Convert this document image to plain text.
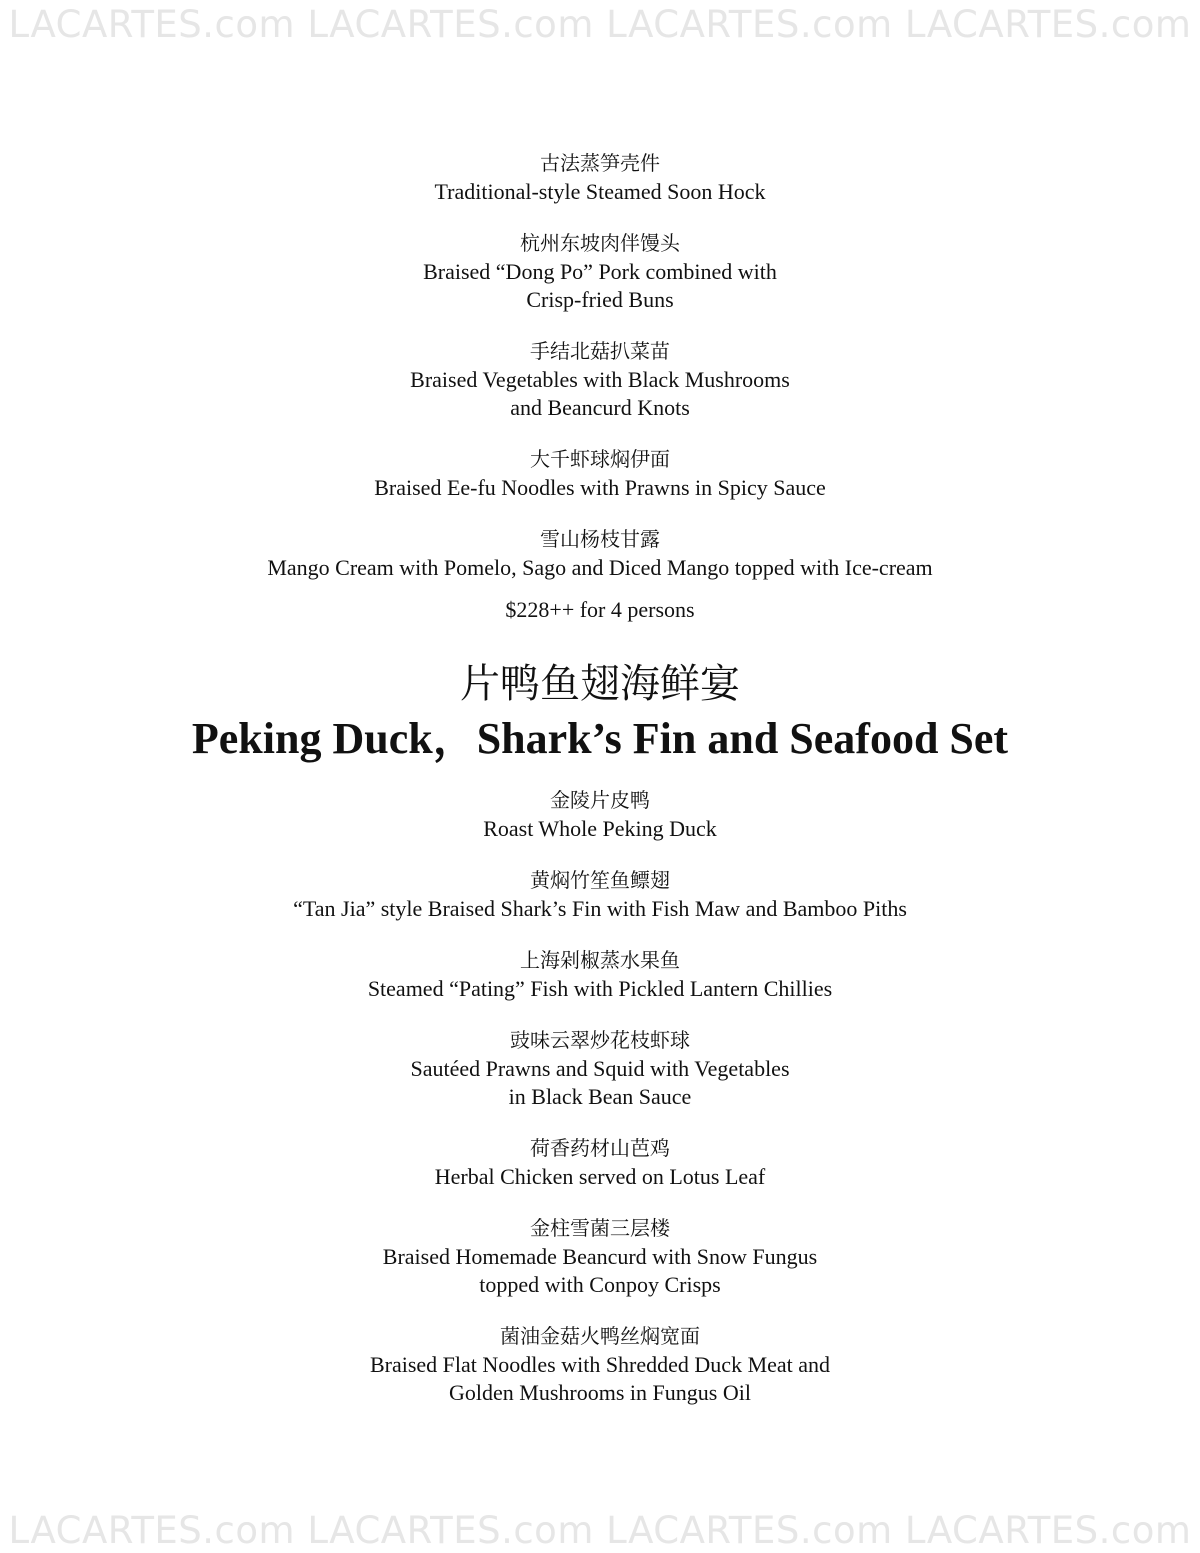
LACARTES.com LACARTES.com LACARTES.com LACARTES.com
古法蒸笋壳件
Traditional-style Steamed Soon Hock
杭州东坡肉伴馒头
Braised “Dong Po” Pork combined with
Crisp-fried Buns
手结北菇扒菜苗
Braised Vegetables with Black Mushrooms
and Beancurd Knots
大千虾球焖伊面
Braised Ee-fu Noodles with Prawns in Spicy Sauce
雪山杨枝甘露
Mango Cream with Pomelo, Sago and Diced Mango topped with Ice-cream
$228++ for 4 persons
片鸭鱼翅海鲜宴
Peking Duck，Shark’s Fin and Seafood Set
金陵片皮鸭
Roast Whole Peking Duck
黄焖竹笙鱼鳔翅
“Tan Jia” style Braised Shark’s Fin with Fish Maw and Bamboo Piths
上海剁椒蒸水果鱼
Steamed “Pating” Fish with Pickled Lantern Chillies
豉味云翠炒花枝虾球
Sautéed Prawns and Squid with Vegetables
in Black Bean Sauce
荷香药材山芭鸡
Herbal Chicken served on Lotus Leaf
金柱雪菌三层楼
Braised Homemade Beancurd with Snow Fungus
topped with Conpoy Crisps
菌油金菇火鸭丝焖宽面
Braised Flat Noodles with Shredded Duck Meat and
Golden Mushrooms in Fungus Oil
LACARTES.com LACARTES.com LACARTES.com LACARTES.com
